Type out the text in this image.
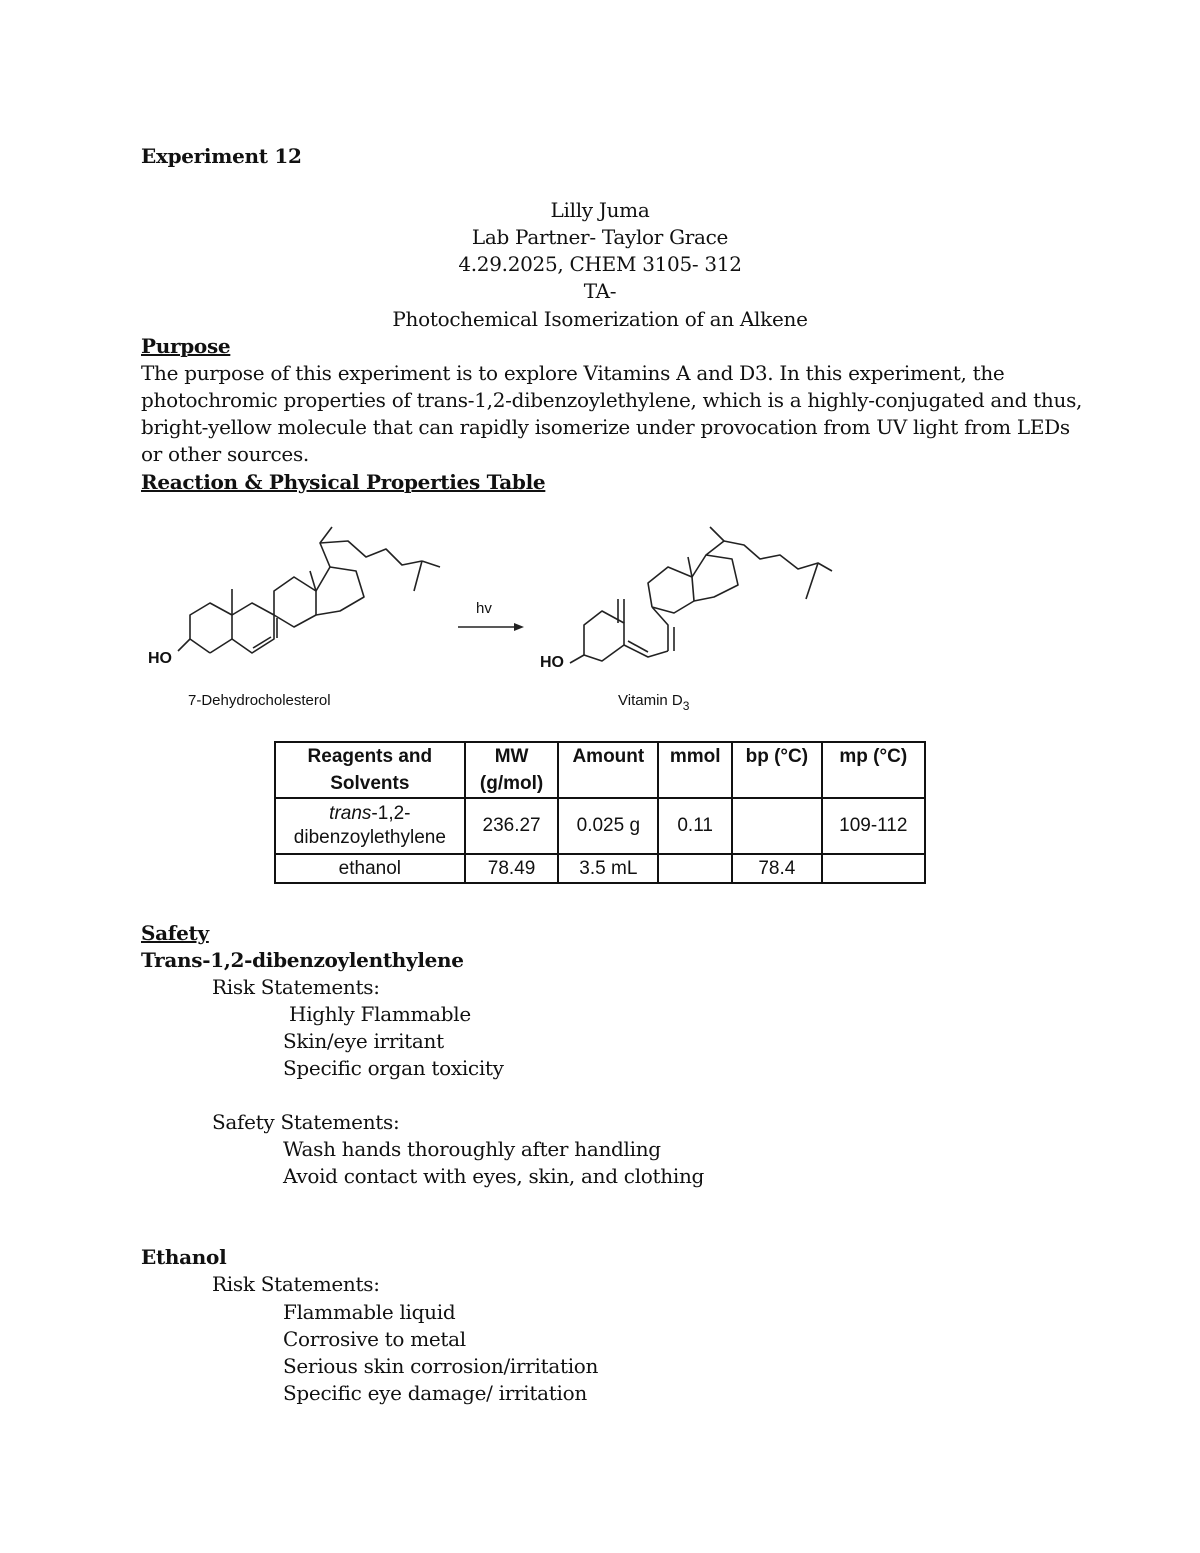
Experiment 12
Lilly Juma
Lab Partner- Taylor Grace
4.29.2025, CHEM 3105- 312
TA-
Photochemical Isomerization of an Alkene
Purpose
The purpose of this experiment is to explore Vitamins A and D3. In this experiment, the
photochromic properties of trans-1,2-dibenzoylethylene, which is a highly-conjugated and thus,
bright-yellow molecule that can rapidly isomerize under provocation from UV light from LEDs
or other sources.
Reaction & Physical Properties Table
HO
7-Dehydrocholesterol
hv
HO
Vitamin $D_3$
Reagents and Solvents	MW (g/mol)	Amount	mmol	bp (°C)	mp (°C)
trans-1,2-dibenzoylethylene	236.27	0.025 g	0.11		109-112
ethanol	78.49	3.5 mL		78.4	
Safety
Trans-1,2-dibenzoylenthylene
Risk Statements:
Highly Flammable
Skin/eye irritant
Specific organ toxicity
Safety Statements:
Wash hands thoroughly after handling
Avoid contact with eyes, skin, and clothing
Ethanol
Risk Statements:
Flammable liquid
Corrosive to metal
Serious skin corrosion/irritation
Specific eye damage/ irritation
